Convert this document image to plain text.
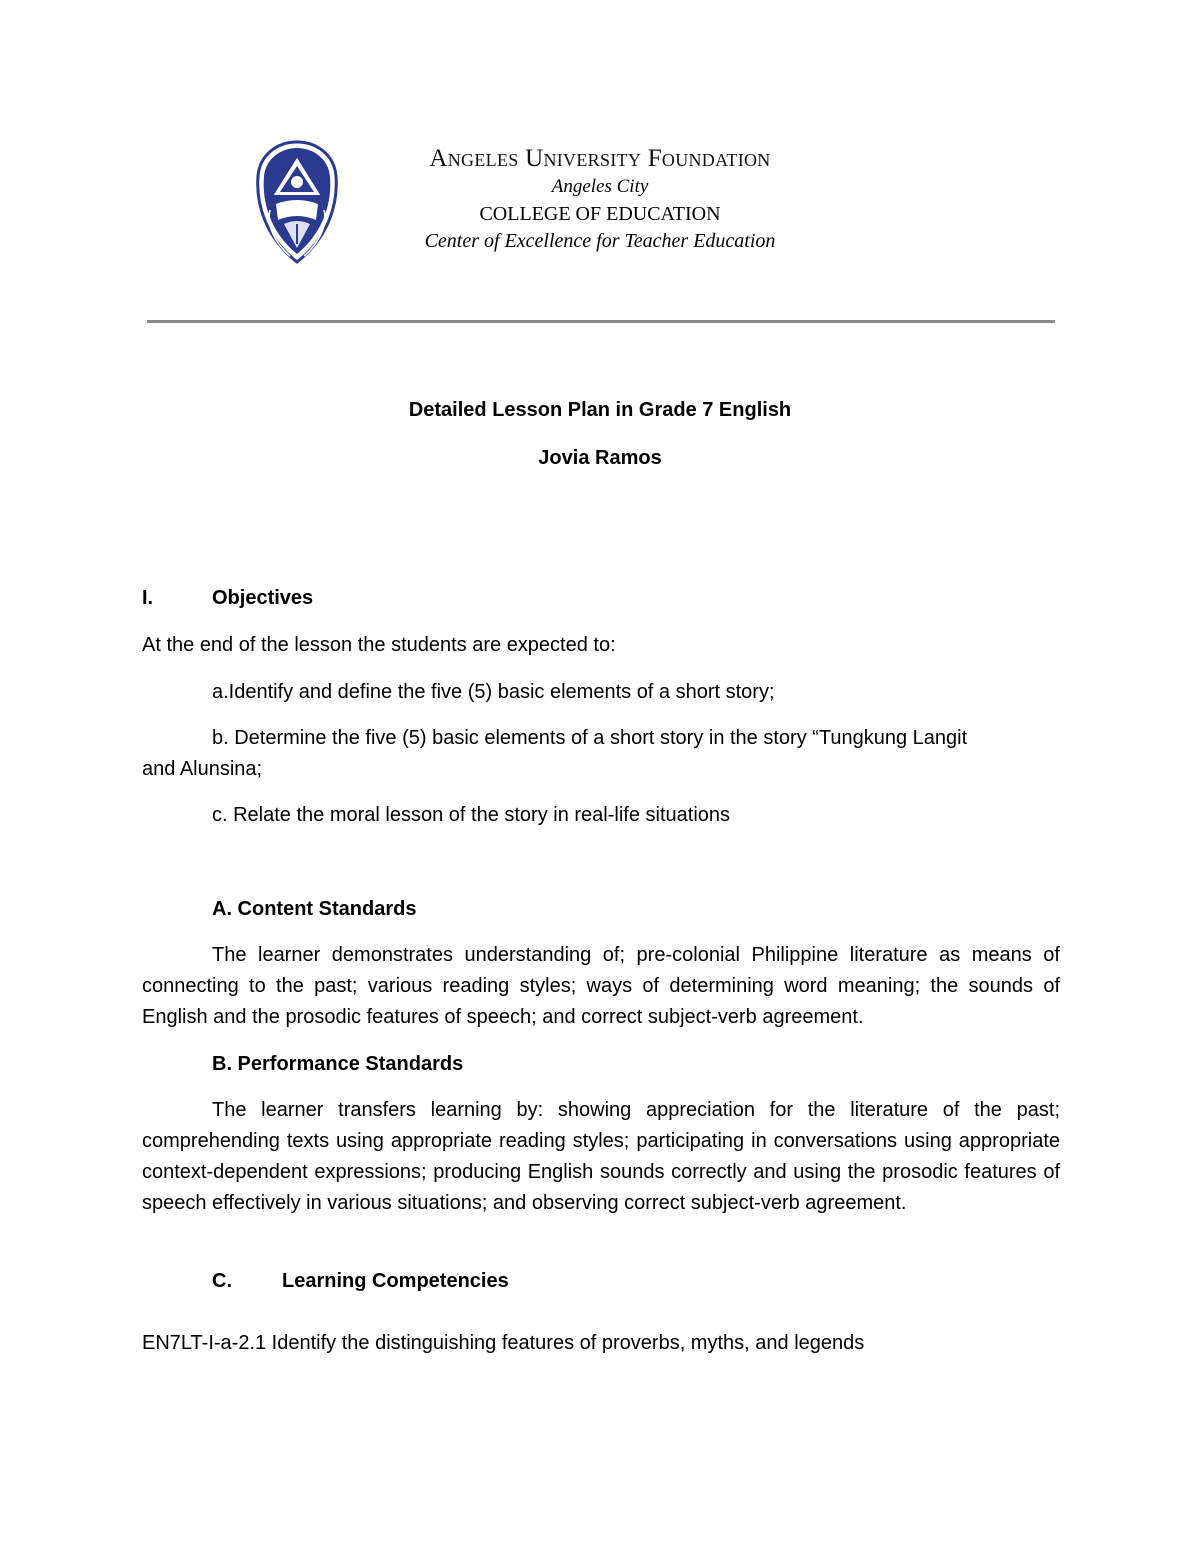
Angeles University Foundation
Angeles City
COLLEGE OF EDUCATION
Center of Excellence for Teacher Education
Detailed Lesson Plan in Grade 7 English
Jovia Ramos
I.	Objectives
At the end of the lesson the students are expected to:
a.Identify and define the five (5) basic elements of a short story;
b. Determine the five (5) basic elements of a short story in the story “Tungkung Langit
and Alunsina;
c. Relate the moral lesson of the story in real-life situations
A. Content Standards
The learner demonstrates understanding of; pre-colonial Philippine literature as means of connecting to the past; various reading styles; ways of determining word meaning; the sounds of English and the prosodic features of speech; and correct subject-verb agreement.
B. Performance Standards
The learner transfers learning by: showing appreciation for the literature of the past; comprehending texts using appropriate reading styles; participating in conversations using appropriate context-dependent expressions; producing English sounds correctly and using the prosodic features of speech effectively in various situations; and observing correct subject-verb agreement.
C.	Learning Competencies
EN7LT-I-a-2.1 Identify the distinguishing features of proverbs, myths, and legends
